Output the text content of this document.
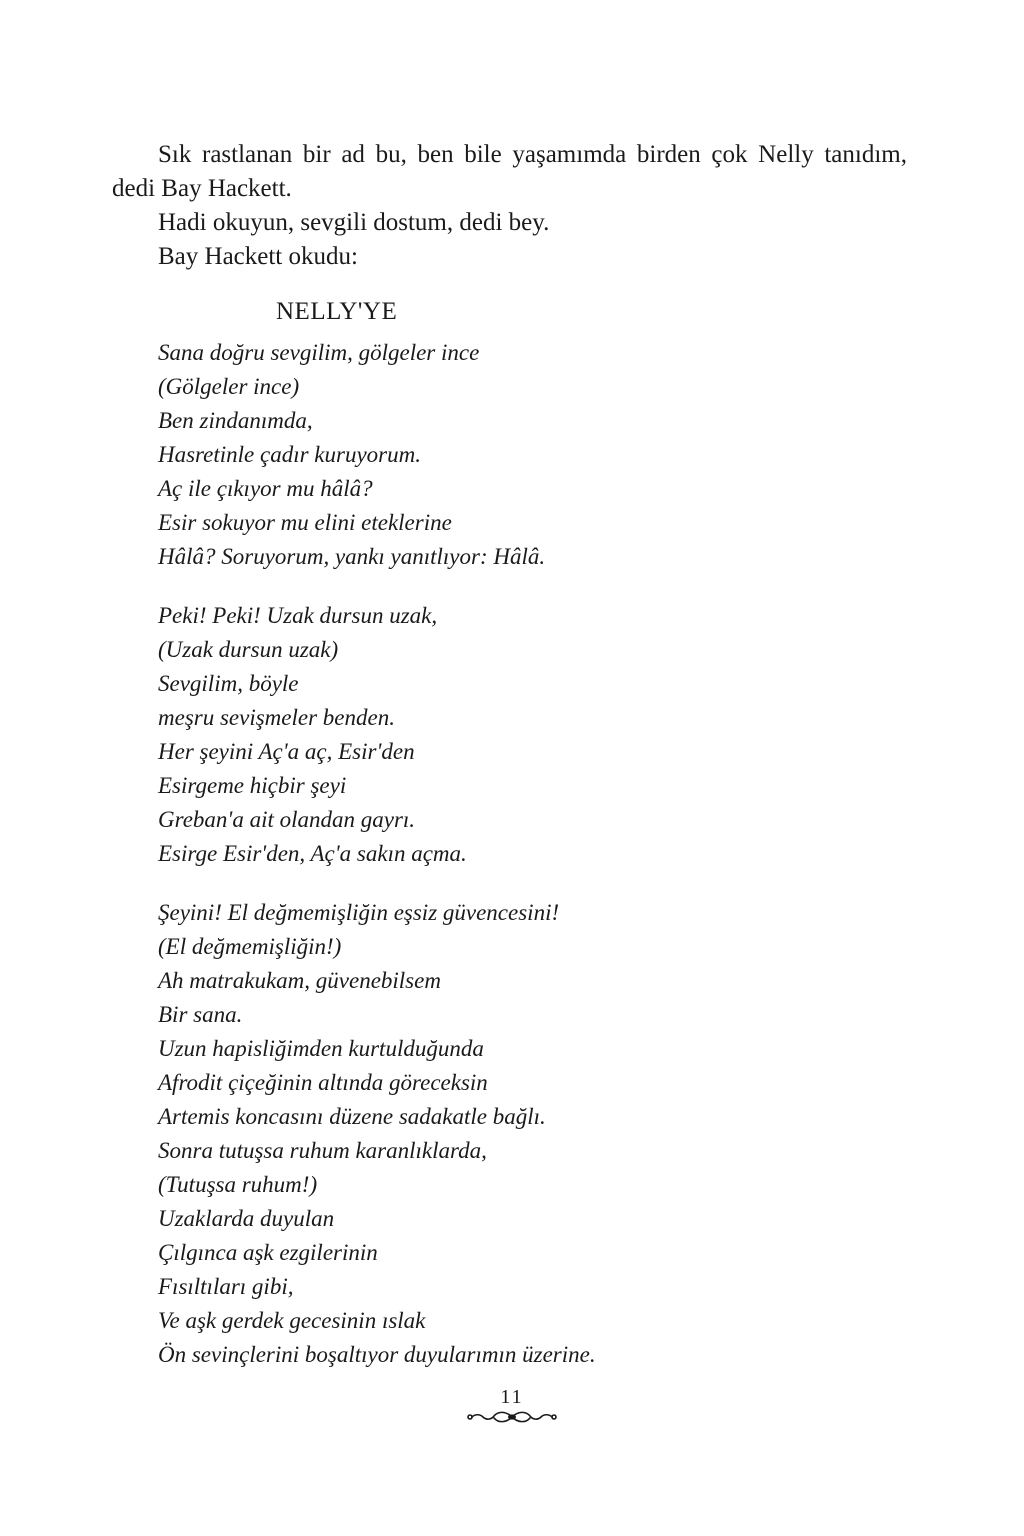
Sık rastlanan bir ad bu, ben bile yaşamımda birden çok Nelly tanıdım, dedi Bay Hackett.

Hadi okuyun, sevgili dostum, dedi bey.

Bay Hackett okudu:

NELLY'YE
Sana doğru sevgilim, gölgeler ince
(Gölgeler ince)
Ben zindanımda,
Hasretinle çadır kuruyorum.
Aç ile çıkıyor mu hâlâ?
Esir sokuyor mu elini eteklerine
Hâlâ? Soruyorum, yankı yanıtlıyor: Hâlâ.
Peki! Peki! Uzak dursun uzak,
(Uzak dursun uzak)
Sevgilim, böyle
meşru sevişmeler benden.
Her şeyini Aç'a aç, Esir'den
Esirgeme hiçbir şeyi
Greban'a ait olandan gayrı.
Esirge Esir'den, Aç'a sakın açma.
Şeyini! El değmemişliğin eşsiz güvencesini!
(El değmemişliğin!)
Ah matrakukam, güvenebilsem
Bir sana.
Uzun hapisliğimden kurtulduğunda
Afrodit çiçeğinin altında göreceksin
Artemis koncasını düzene sadakatle bağlı.
Sonra tutuşsa ruhum karanlıklarda,
(Tutuşsa ruhum!)
Uzaklarda duyulan
Çılgınca aşk ezgilerinin
Fısıltıları gibi,
Ve aşk gerdek gecesinin ıslak
Ön sevinçlerini boşaltıyor duyularımın üzerine.
11
